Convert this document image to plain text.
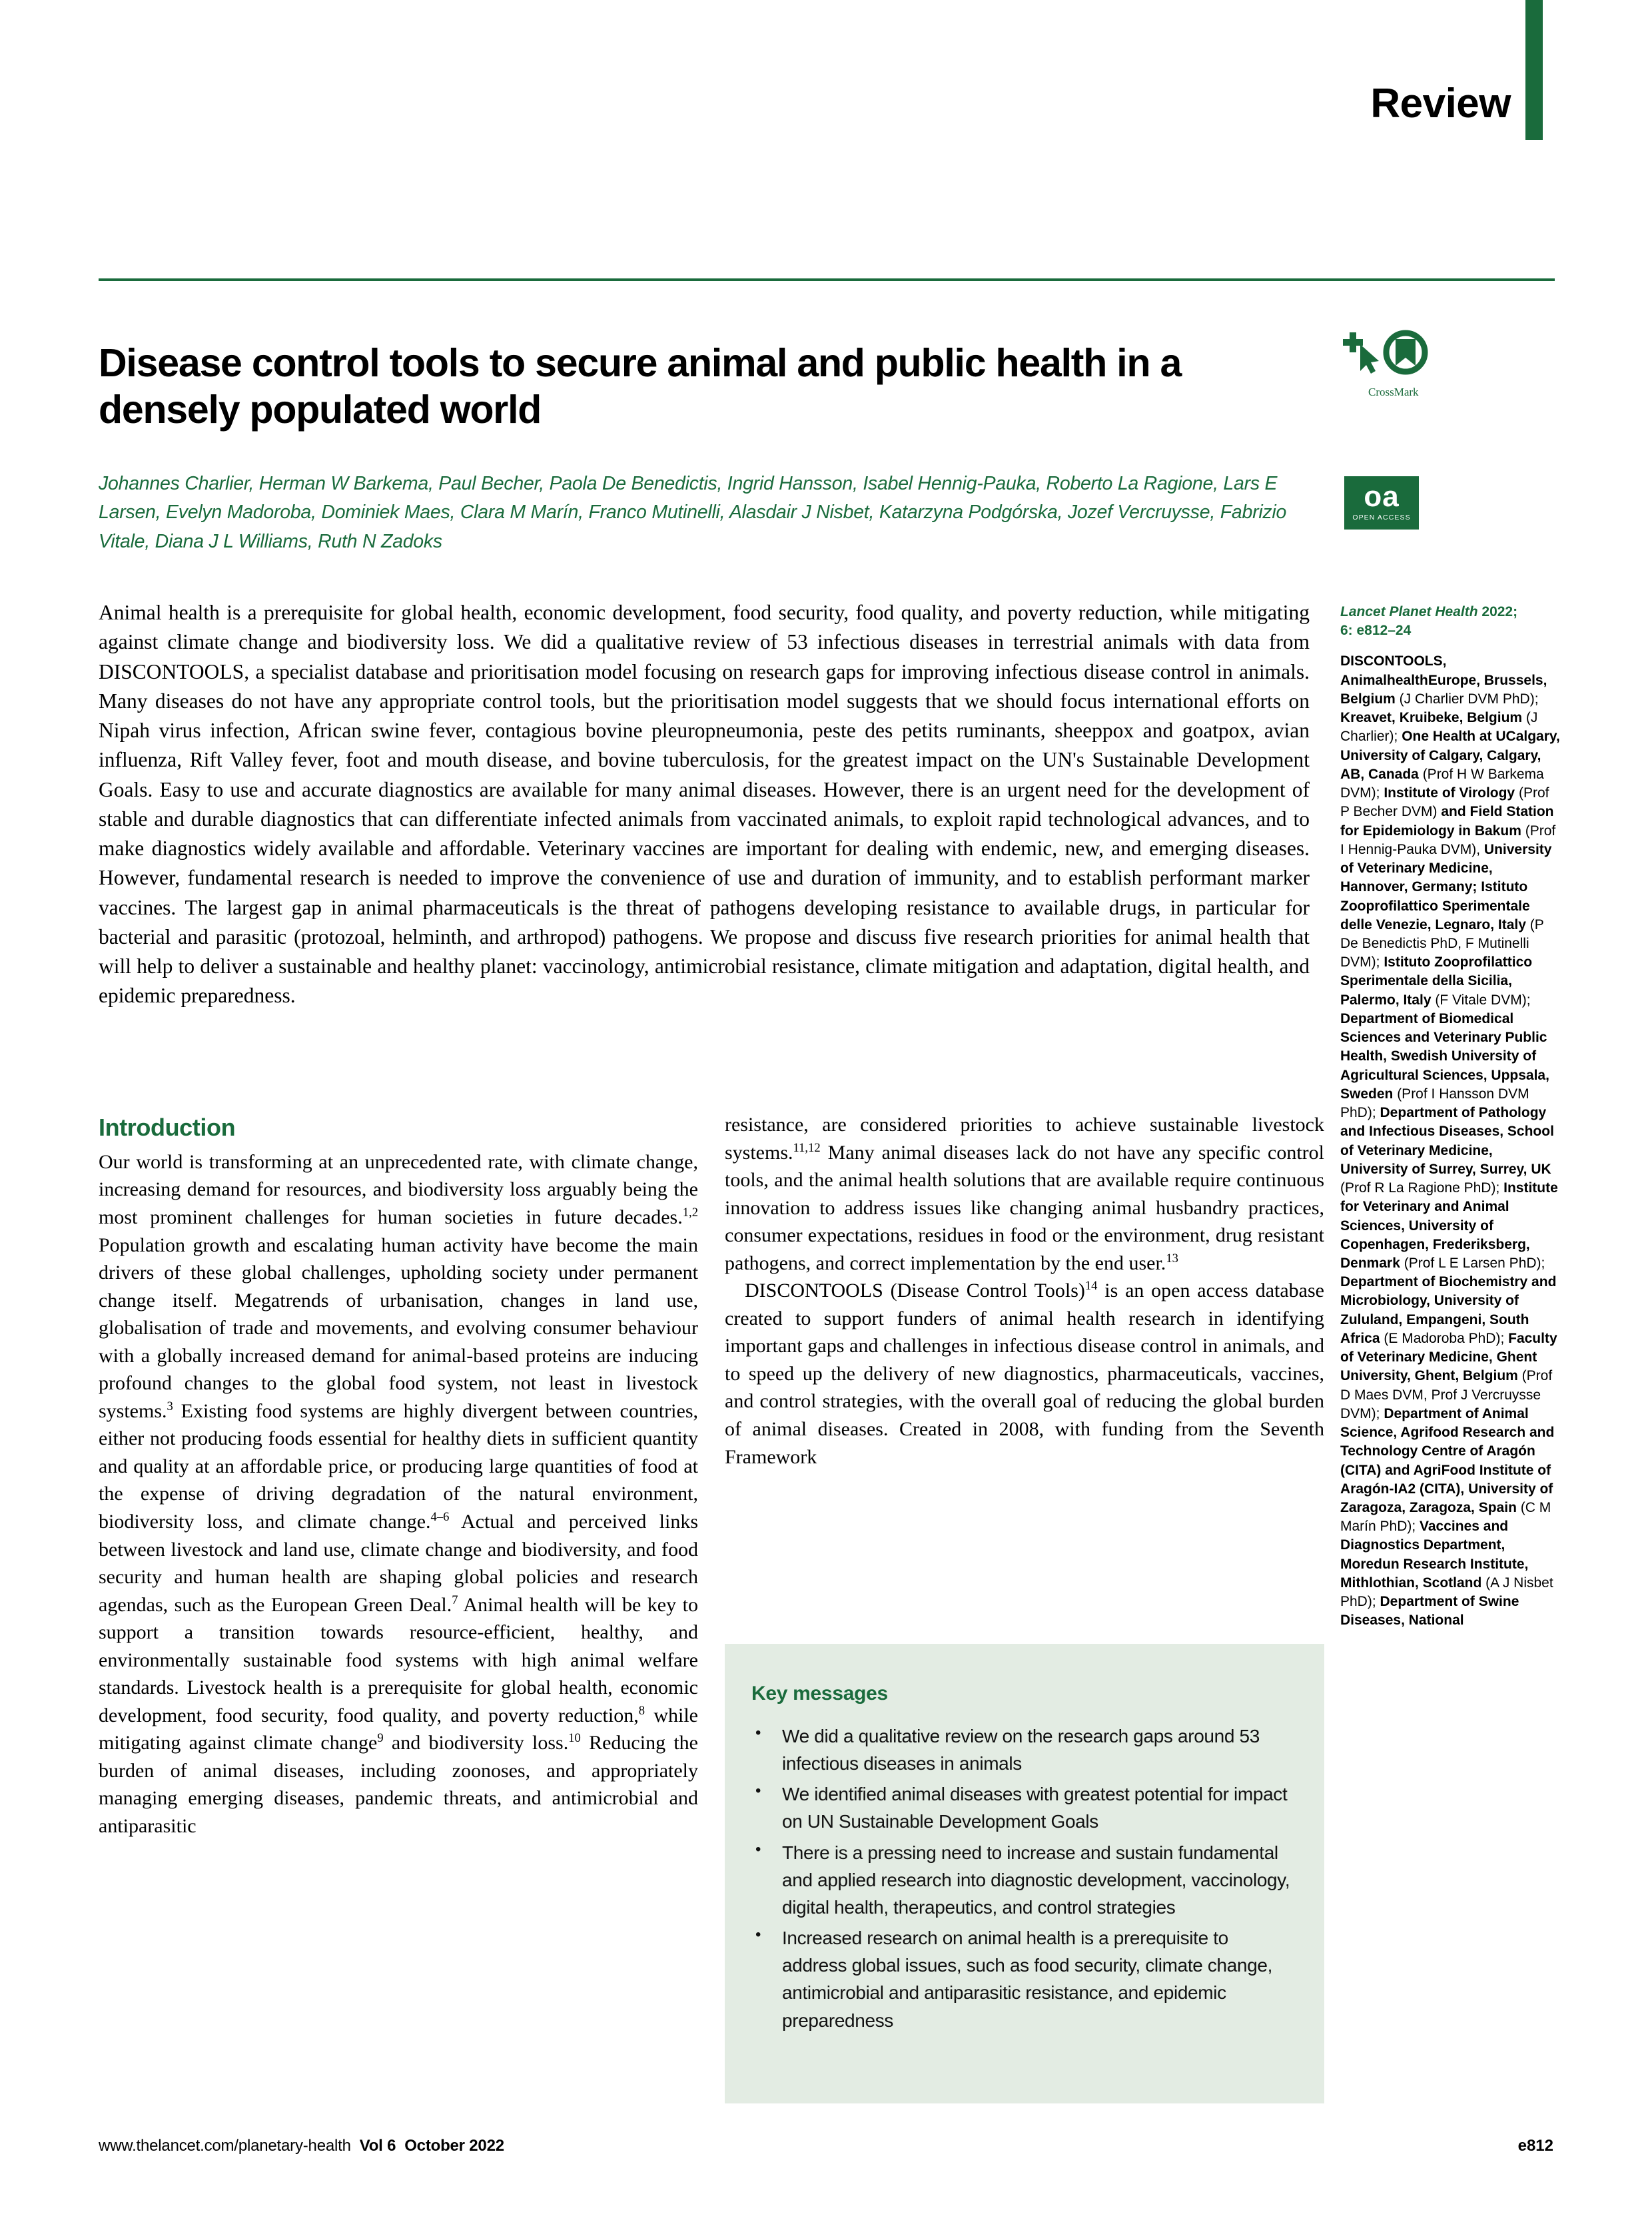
Review
Disease control tools to secure animal and public health in a densely populated world
Johannes Charlier, Herman W Barkema, Paul Becher, Paola De Benedictis, Ingrid Hansson, Isabel Hennig-Pauka, Roberto La Ragione, Lars E Larsen, Evelyn Madoroba, Dominiek Maes, Clara M Marín, Franco Mutinelli, Alasdair J Nisbet, Katarzyna Podgórska, Jozef Vercruysse, Fabrizio Vitale, Diana J L Williams, Ruth N Zadoks
CrossMark
oa
OPEN ACCESS
Animal health is a prerequisite for global health, economic development, food security, food quality, and poverty reduction, while mitigating against climate change and biodiversity loss. We did a qualitative review of 53 infectious diseases in terrestrial animals with data from DISCONTOOLS, a specialist database and prioritisation model focusing on research gaps for improving infectious disease control in animals. Many diseases do not have any appropriate control tools, but the prioritisation model suggests that we should focus international efforts on Nipah virus infection, African swine fever, contagious bovine pleuropneumonia, peste des petits ruminants, sheeppox and goatpox, avian influenza, Rift Valley fever, foot and mouth disease, and bovine tuberculosis, for the greatest impact on the UN's Sustainable Development Goals. Easy to use and accurate diagnostics are available for many animal diseases. However, there is an urgent need for the development of stable and durable diagnostics that can differentiate infected animals from vaccinated animals, to exploit rapid technological advances, and to make diagnostics widely available and affordable. Veterinary vaccines are important for dealing with endemic, new, and emerging diseases. However, fundamental research is needed to improve the convenience of use and duration of immunity, and to establish performant marker vaccines. The largest gap in animal pharmaceuticals is the threat of pathogens developing resistance to available drugs, in particular for bacterial and parasitic (protozoal, helminth, and arthropod) pathogens. We propose and discuss five research priorities for animal health that will help to deliver a sustainable and healthy planet: vaccinology, antimicrobial resistance, climate mitigation and adaptation, digital health, and epidemic preparedness.
Lancet Planet Health 2022;
6: e812–24
DISCONTOOLS, AnimalhealthEurope, Brussels, Belgium (J Charlier DVM PhD); Kreavet, Kruibeke, Belgium (J Charlier); One Health at UCalgary, University of Calgary, Calgary, AB, Canada (Prof H W Barkema DVM); Institute of Virology (Prof P Becher DVM) and Field Station for Epidemiology in Bakum (Prof I Hennig-Pauka DVM), University of Veterinary Medicine, Hannover, Germany; Istituto Zooprofilattico Sperimentale delle Venezie, Legnaro, Italy (P De Benedictis PhD, F Mutinelli DVM); Istituto Zooprofilattico Sperimentale della Sicilia, Palermo, Italy (F Vitale DVM); Department of Biomedical Sciences and Veterinary Public Health, Swedish University of Agricultural Sciences, Uppsala, Sweden (Prof I Hansson DVM PhD); Department of Pathology and Infectious Diseases, School of Veterinary Medicine, University of Surrey, Surrey, UK (Prof R La Ragione PhD); Institute for Veterinary and Animal Sciences, University of Copenhagen, Frederiksberg, Denmark (Prof L E Larsen PhD); Department of Biochemistry and Microbiology, University of Zululand, Empangeni, South Africa (E Madoroba PhD); Faculty of Veterinary Medicine, Ghent University, Ghent, Belgium (Prof D Maes DVM, Prof J Vercruysse DVM); Department of Animal Science, Agrifood Research and Technology Centre of Aragón (CITA) and AgriFood Institute of Aragón-IA2 (CITA), University of Zaragoza, Zaragoza, Spain (C M Marín PhD); Vaccines and Diagnostics Department, Moredun Research Institute, Mithlothian, Scotland (A J Nisbet PhD); Department of Swine Diseases, National
Introduction

Our world is transforming at an unprecedented rate, with climate change, increasing demand for resources, and biodiversity loss arguably being the most prominent challenges for human societies in future decades.$^{1,2}$ Population growth and escalating human activity have become the main drivers of these global challenges, upholding society under permanent change itself. Megatrends of urbanisation, changes in land use, globalisation of trade and movements, and evolving consumer behaviour with a globally increased demand for animal-based proteins are inducing profound changes to the global food system, not least in livestock systems.$^3$ Existing food systems are highly divergent between countries, either not producing foods essential for healthy diets in sufficient quantity and quality at an affordable price, or producing large quantities of food at the expense of driving degradation of the natural environment, biodiversity loss, and climate change.$^{4-6}$ Actual and perceived links between livestock and land use, climate change and biodiversity, and food security and human health are shaping global policies and research agendas, such as the European Green Deal.$^7$ Animal health will be key to support a transition towards resource-efficient, healthy, and environmentally sustainable food systems with high animal welfare standards. Livestock health is a prerequisite for global health, economic development, food security, food quality, and poverty reduction,$^8$ while mitigating against climate change$^9$ and biodiversity loss.$^{10}$ Reducing the burden of animal diseases, including zoonoses, and appropriately managing emerging diseases, pandemic threats, and antimicrobial and antiparasitic

resistance, are considered priorities to achieve sustainable livestock systems.$^{11,12}$ Many animal diseases lack do not have any specific control tools, and the animal health solutions that are available require continuous innovation to address issues like changing animal husbandry practices, consumer expectations, residues in food or the environment, drug resistant pathogens, and correct implementation by the end user.$^{13}$

DISCONTOOLS (Disease Control Tools)$^{14}$ is an open access database created to support funders of animal health research in identifying important gaps and challenges in infectious disease control in animals, and to speed up the delivery of new diagnostics, pharmaceuticals, vaccines, and control strategies, with the overall goal of reducing the global burden of animal diseases. Created in 2008, with funding from the Seventh Framework

Key messages
• We did a qualitative review on the research gaps around 53 infectious diseases in animals
• We identified animal diseases with greatest potential for impact on UN Sustainable Development Goals
• There is a pressing need to increase and sustain fundamental and applied research into diagnostic development, vaccinology, digital health, therapeutics, and control strategies
• Increased research on animal health is a prerequisite to address global issues, such as food security, climate change, antimicrobial and antiparasitic resistance, and epidemic preparedness
www.thelancet.com/planetary-health Vol 6 October 2022	e812
